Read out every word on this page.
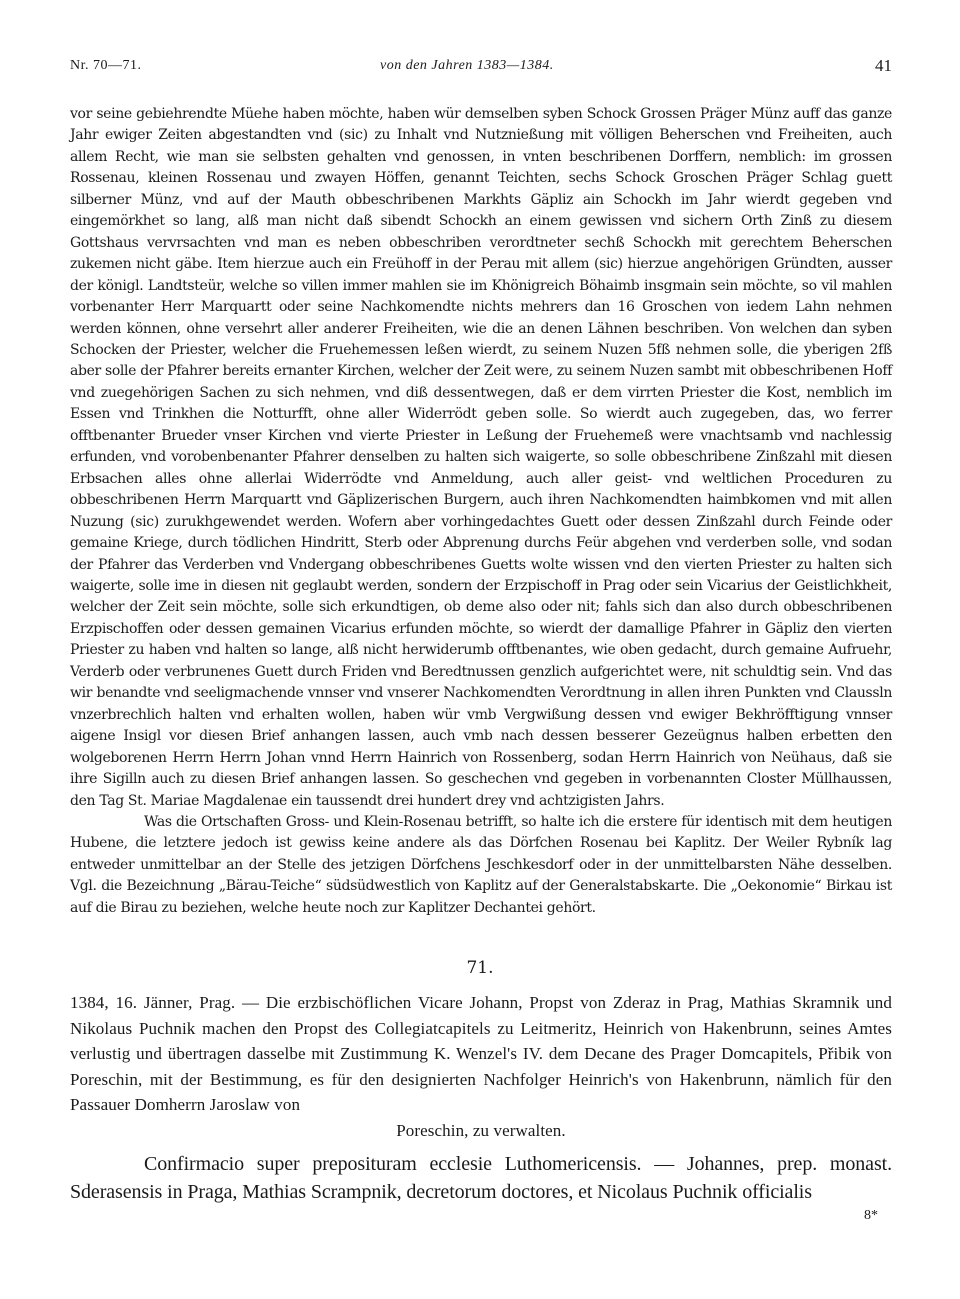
Nr. 70—71.	von den Jahren 1383—1384.	41

vor seine gebiehrendte Müehe haben möchte, haben wür demselben syben Schock Grossen Präger Münz auff das ganze Jahr ewiger Zeiten abgestandten vnd (sic) zu Inhalt vnd Nutznießung mit völligen Beherschen vnd Freiheiten, auch allem Recht, wie man sie selbsten gehalten vnd genossen, in vnten beschribenen Dorffern, nemblich: im grossen Rossenau, kleinen Rossenau und zwayen Höffen, genannt Teichten, sechs Schock Groschen Präger Schlag guett silberner Münz, vnd auf der Mauth obbeschribenen Markhts Gäpliz ain Schockh im Jahr wierdt gegeben vnd eingemörkhet so lang, alß man nicht daß sibendt Schockh an einem gewissen vnd sichern Orth Zinß zu diesem Gottshaus vervrsachten vnd man es neben obbeschriben verordtneter sechß Schockh mit gerechtem Beherschen zukemen nicht gäbe. Item hierzue auch ein Freühoff in der Perau mit allem (sic) hierzue angehörigen Gründten, ausser der königl. Landtsteür, welche so villen immer mahlen sie im Khönigreich Böhaimb insgmain sein möchte, so vil mahlen vorbenanter Herr Marquartt oder seine Nachkomendte nichts mehrers dan 16 Groschen von iedem Lahn nehmen werden können, ohne versehrt aller anderer Freiheiten, wie die an denen Lähnen beschriben. Von welchen dan syben Schocken der Priester, welcher die Fruehemessen leßen wierdt, zu seinem Nuzen 5fß nehmen solle, die yberigen 2fß aber solle der Pfahrer bereits ernanter Kirchen, welcher der Zeit were, zu seinem Nuzen sambt mit obbeschribenen Hoff vnd zuegehörigen Sachen zu sich nehmen, vnd diß dessentwegen, daß er dem virrten Priester die Kost, nemblich im Essen vnd Trinkhen die Notturfft, ohne aller Widerrödt geben solle. So wierdt auch zugegeben, das, wo ferrer offtbenanter Brueder vnser Kirchen vnd vierte Priester in Leßung der Fruehemeß were vnachtsamb vnd nachlessig erfunden, vnd vorobenbenanter Pfahrer denselben zu halten sich waigerte, so solle obbeschribene Zinßzahl mit diesen Erbsachen alles ohne allerlai Widerrödte vnd Anmeldung, auch aller geist- vnd weltlichen Proceduren zu obbeschribenen Herrn Marquartt vnd Gäplizerischen Burgern, auch ihren Nachkomendten haimbkomen vnd mit allen Nuzung (sic) zurukhgewendet werden. Wofern aber vorhingedachtes Guett oder dessen Zinßzahl durch Feinde oder gemaine Kriege, durch tödlichen Hindritt, Sterb oder Abprenung durchs Feür abgehen vnd verderben solle, vnd sodan der Pfahrer das Verderben vnd Vndergang obbeschribenes Guetts wolte wissen vnd den vierten Priester zu halten sich waigerte, solle ime in diesen nit geglaubt werden, sondern der Erzpischoff in Prag oder sein Vicarius der Geistlichkheit, welcher der Zeit sein möchte, solle sich erkundtigen, ob deme also oder nit; fahls sich dan also durch obbeschribenen Erzpischoffen oder dessen gemainen Vicarius erfunden möchte, so wierdt der damallige Pfahrer in Gäpliz den vierten Priester zu haben vnd halten so lange, alß nicht herwiderumb offtbenantes, wie oben gedacht, durch gemaine Aufruehr, Verderb oder verbrunenes Guett durch Friden vnd Beredtnussen genzlich aufgerichtet were, nit schuldtig sein. Vnd das wir benandte vnd seeligmachende vnnser vnd vnserer Nachkomendten Verordtnung in allen ihren Punkten vnd Claussln vnzerbrechlich halten vnd erhalten wollen, haben wür vmb Vergwißung dessen vnd ewiger Bekhröfftigung vnnser aigene Insigl vor diesen Brief anhangen lassen, auch vmb nach dessen besserer Gezeügnus halben erbetten den wolgeborenen Herrn Herrn Johan vnnd Herrn Hainrich von Rossenberg, sodan Herrn Hainrich von Neühaus, daß sie ihre Sigilln auch zu diesen Brief anhangen lassen. So geschechen vnd gegeben in vorbenannten Closter Müllhaussen, den Tag St. Mariae Magdalenae ein taussendt drei hundert drey vnd achtzigisten Jahrs.

Was die Ortschaften Gross- und Klein-Rosenau betrifft, so halte ich die erstere für identisch mit dem heutigen Hubene, die letztere jedoch ist gewiss keine andere als das Dörfchen Rosenau bei Kaplitz. Der Weiler Rybník lag entweder unmittelbar an der Stelle des jetzigen Dörfchens Jeschkesdorf oder in der unmittelbarsten Nähe desselben. Vgl. die Bezeichnung „Bärau-Teiche“ südsüdwestlich von Kaplitz auf der Generalstabskarte. Die „Oekonomie“ Birkau ist auf die Birau zu beziehen, welche heute noch zur Kaplitzer Dechantei gehört.

71.

1384, 16. Jänner, Prag. — Die erzbischöflichen Vicare Johann, Propst von Zderaz in Prag, Mathias Skramnik und Nikolaus Puchnik machen den Propst des Collegiatcapitels zu Leitmeritz, Heinrich von Hakenbrunn, seines Amtes verlustig und übertragen dasselbe mit Zustimmung K. Wenzel's IV. dem Decane des Prager Domcapitels, Přibik von Poreschin, mit der Bestimmung, es für den designierten Nachfolger Heinrich's von Hakenbrunn, nämlich für den Passauer Domherrn Jaroslaw von
Poreschin, zu verwalten.

Confirmacio super preposituram ecclesie Luthomericensis. — Johannes, prep. monast. Sderasensis in Praga, Mathias Scrampnik, decretorum doctores, et Nicolaus Puchnik officialis

8*
